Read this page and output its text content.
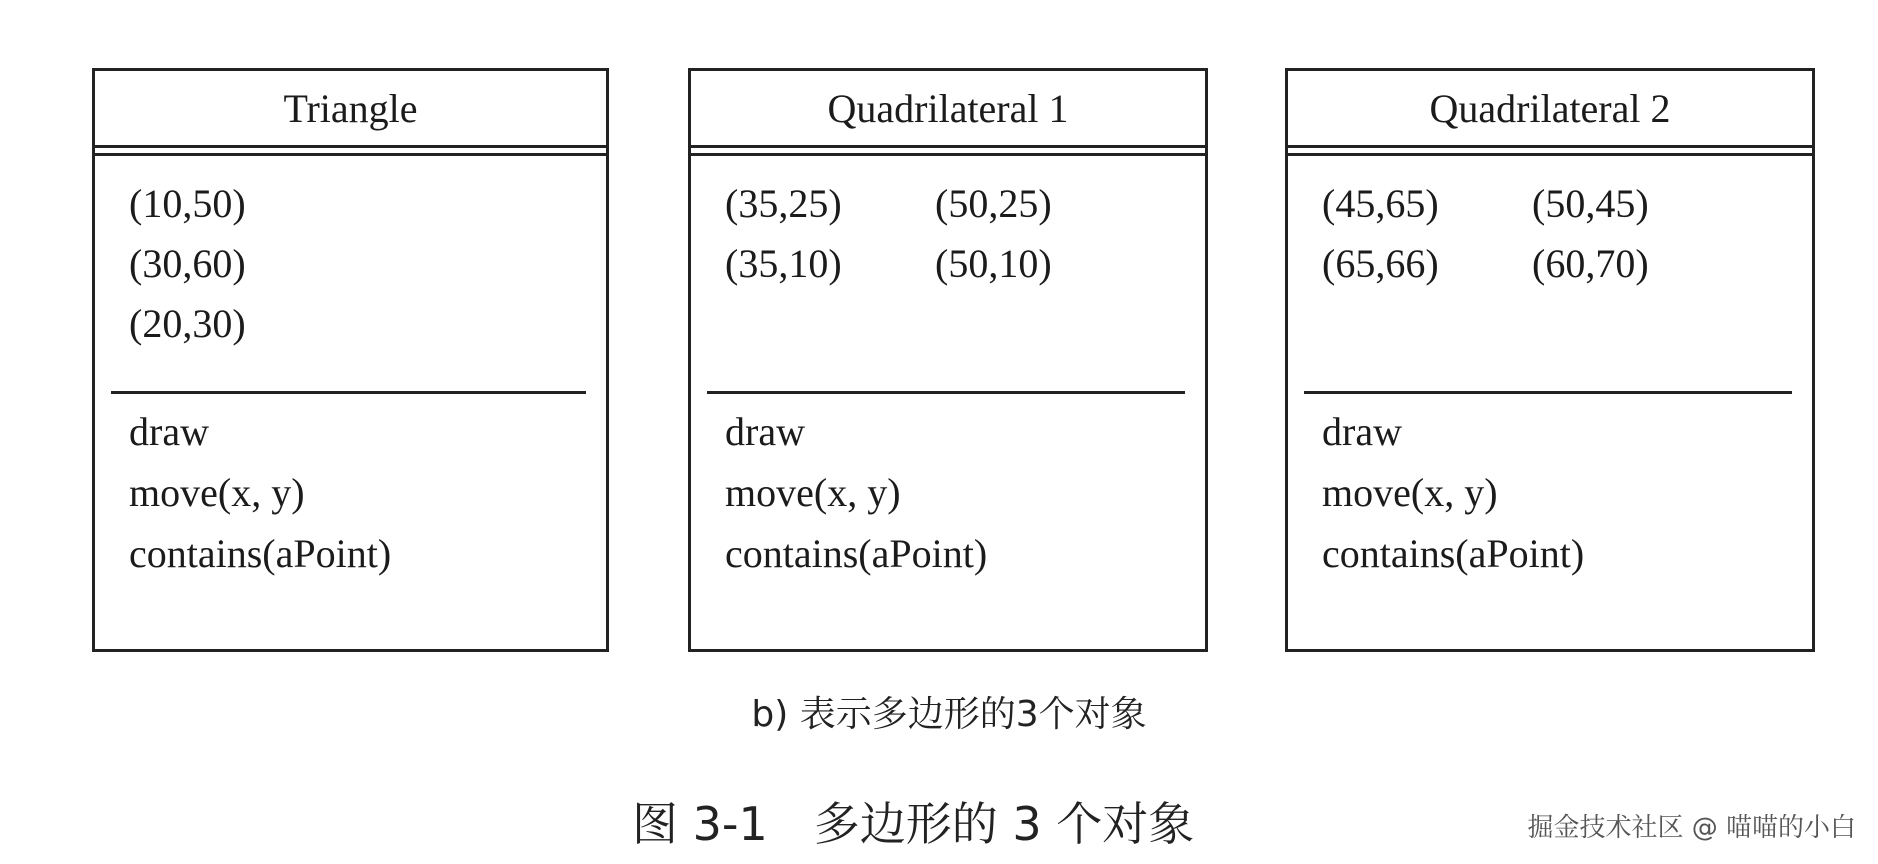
Triangle
(10,50)
(30,60)
(20,30)
draw
move(x, y)
contains(aPoint)
Quadrilateral 1
(35,25)	(50,25)
(35,10)	(50,10)
draw
move(x, y)
contains(aPoint)
Quadrilateral 2
(45,65)	(50,45)
(65,66)	(60,70)
draw
move(x, y)
contains(aPoint)
b) 表示多边形的3个对象
图 3-1　多边形的 3 个对象	掘金技术社区 @ 喵喵的小白
